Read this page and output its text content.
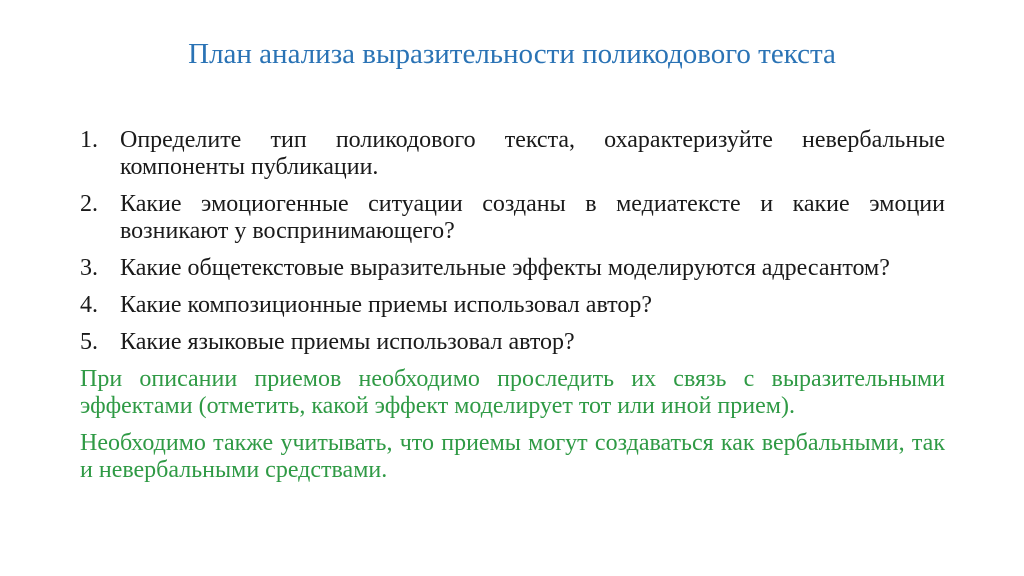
План анализа выразительности поликодового текста
1. Определите тип поликодового текста, охарактеризуйте невербальные компоненты публикации.
2. Какие эмоциогенные ситуации созданы в медиатексте и какие эмоции возникают у воспринимающего?
3. Какие общетекстовые выразительные эффекты моделируются адресантом?
4. Какие композиционные приемы использовал автор?
5. Какие языковые приемы использовал автор?

При описании приемов необходимо проследить их связь с выразительными эффектами (отметить, какой эффект моделирует тот или иной прием).

Необходимо также учитывать, что приемы могут создаваться как вербальными, так и невербальными средствами.
